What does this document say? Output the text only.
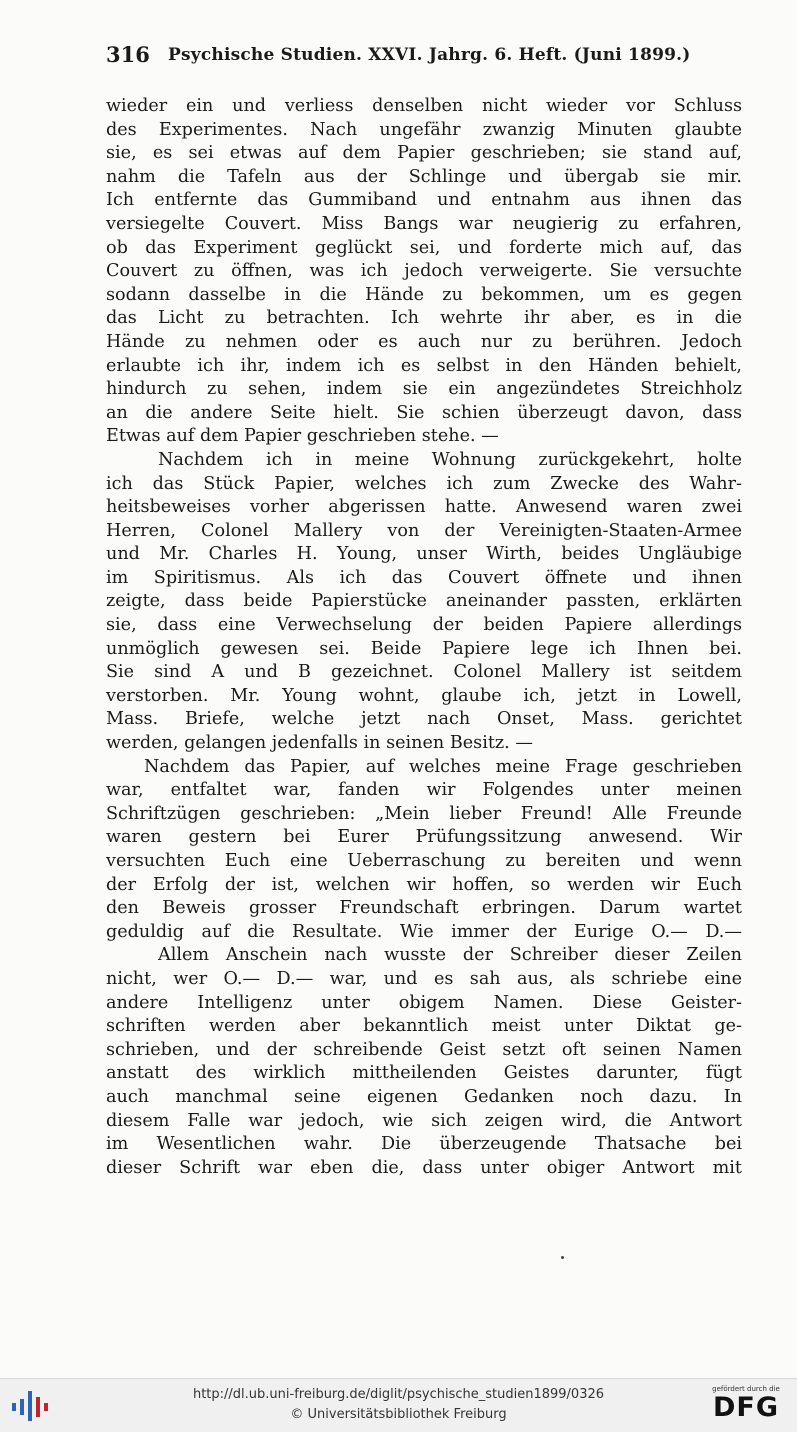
316 Psychische Studien. XXVI. Jahrg. 6. Heft. (Juni 1899.)
wieder ein und verliess denselben nicht wieder vor Schluss
des Experimentes. Nach ungefähr zwanzig Minuten glaubte
sie, es sei etwas auf dem Papier geschrieben; sie stand auf,
nahm die Tafeln aus der Schlinge und übergab sie mir.
Ich entfernte das Gummiband und entnahm aus ihnen das
versiegelte Couvert. Miss Bangs war neugierig zu erfahren,
ob das Experiment geglückt sei, und forderte mich auf, das
Couvert zu öffnen, was ich jedoch verweigerte. Sie versuchte
sodann dasselbe in die Hände zu bekommen, um es gegen
das Licht zu betrachten. Ich wehrte ihr aber, es in die
Hände zu nehmen oder es auch nur zu berühren. Jedoch
erlaubte ich ihr, indem ich es selbst in den Händen behielt,
hindurch zu sehen, indem sie ein angezündetes Streichholz
an die andere Seite hielt. Sie schien überzeugt davon, dass
Etwas auf dem Papier geschrieben stehe. —
Nachdem ich in meine Wohnung zurückgekehrt, holte
ich das Stück Papier, welches ich zum Zwecke des Wahr-
heitsbeweises vorher abgerissen hatte. Anwesend waren zwei
Herren, Colonel Mallery von der Vereinigten-Staaten-Armee
und Mr. Charles H. Young, unser Wirth, beides Ungläubige
im Spiritismus. Als ich das Couvert öffnete und ihnen
zeigte, dass beide Papierstücke aneinander passten, erklärten
sie, dass eine Verwechselung der beiden Papiere allerdings
unmöglich gewesen sei. Beide Papiere lege ich Ihnen bei.
Sie sind A und B gezeichnet. Colonel Mallery ist seitdem
verstorben. Mr. Young wohnt, glaube ich, jetzt in Lowell,
Mass. Briefe, welche jetzt nach Onset, Mass. gerichtet
werden, gelangen jedenfalls in seinen Besitz. —
Nachdem das Papier, auf welches meine Frage geschrieben
war, entfaltet war, fanden wir Folgendes unter meinen
Schriftzügen geschrieben: „Mein lieber Freund! Alle Freunde
waren gestern bei Eurer Prüfungssitzung anwesend. Wir
versuchten Euch eine Ueberraschung zu bereiten und wenn
der Erfolg der ist, welchen wir hoffen, so werden wir Euch
den Beweis grosser Freundschaft erbringen. Darum wartet
geduldig auf die Resultate. Wie immer der Eurige O.— D.—
Allem Anschein nach wusste der Schreiber dieser Zeilen
nicht, wer O.— D.— war, und es sah aus, als schriebe eine
andere Intelligenz unter obigem Namen. Diese Geister-
schriften werden aber bekanntlich meist unter Diktat ge-
schrieben, und der schreibende Geist setzt oft seinen Namen
anstatt des wirklich mittheilenden Geistes darunter, fügt
auch manchmal seine eigenen Gedanken noch dazu. In
diesem Falle war jedoch, wie sich zeigen wird, die Antwort
im Wesentlichen wahr. Die überzeugende Thatsache bei
dieser Schrift war eben die, dass unter obiger Antwort mit
http://dl.ub.uni-freiburg.de/diglit/psychische_studien1899/0326
© Universitätsbibliothek Freiburg
gefördert durch die
DFG
